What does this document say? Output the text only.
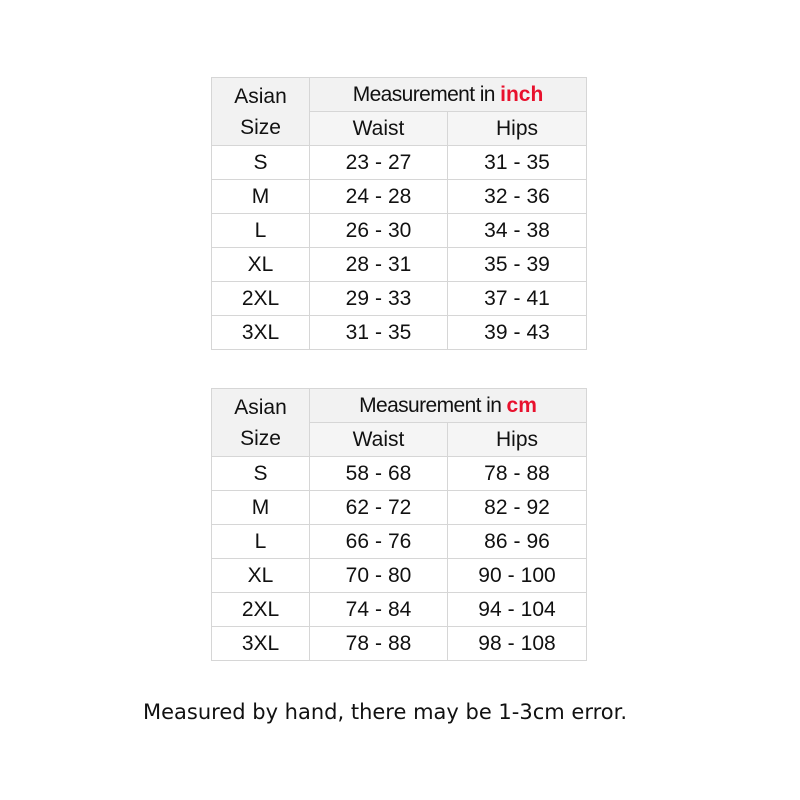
Asian
Size	Measurement in inch	
	Waist	Hips
S	23 - 27	31 - 35
M	24 - 28	32 - 36
L	26 - 30	34 - 38
XL	28 - 31	35 - 39
2XL	29 - 33	37 - 41
3XL	31 - 35	39 - 43
Asian
Size	Measurement in cm	
	Waist	Hips
S	58 - 68	78 - 88
M	62 - 72	82 - 92
L	66 - 76	86 - 96
XL	70 - 80	90 - 100
2XL	74 - 84	94 - 104
3XL	78 - 88	98 - 108
Measured by hand, there may be 1-3cm error.
